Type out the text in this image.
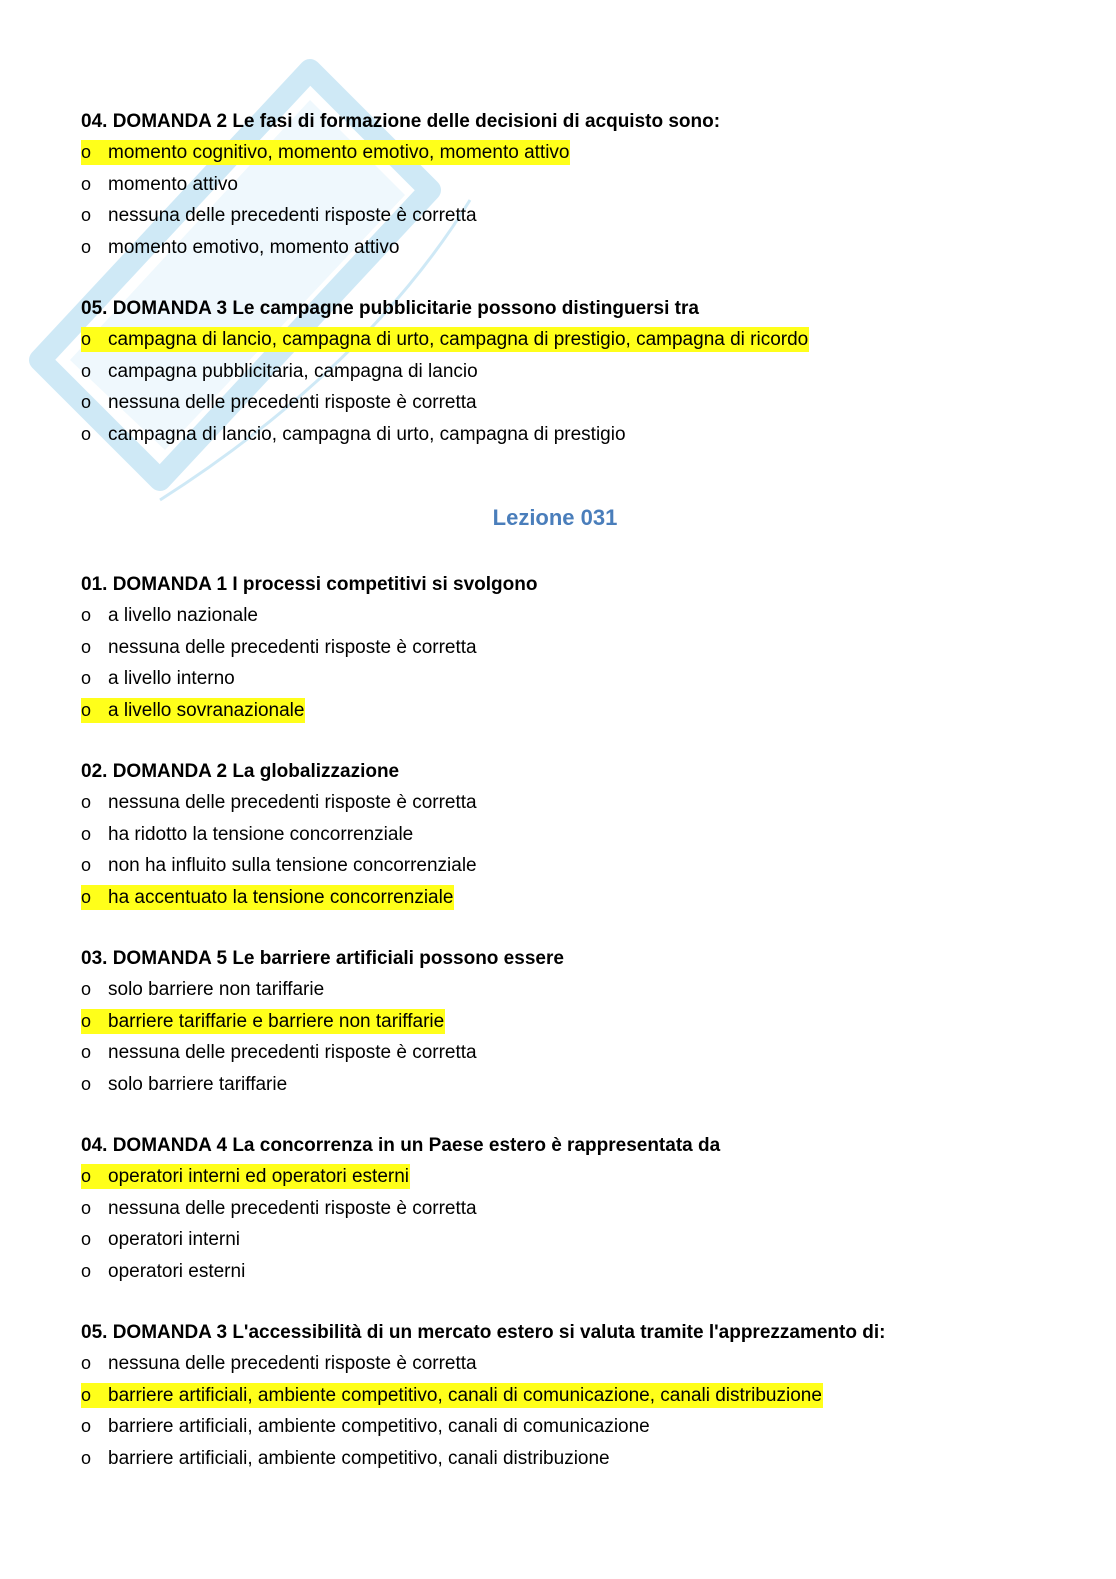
04. DOMANDA 2 Le fasi di formazione delle decisioni di acquisto sono:
o momento cognitivo, momento emotivo, momento attivo
o momento attivo
o nessuna delle precedenti risposte è corretta
o momento emotivo, momento attivo
05. DOMANDA 3 Le campagne pubblicitarie possono distinguersi tra
o campagna di lancio, campagna di urto, campagna di prestigio, campagna di ricordo
o campagna pubblicitaria, campagna di lancio
o nessuna delle precedenti risposte è corretta
o campagna di lancio, campagna di urto, campagna di prestigio
Lezione 031
01. DOMANDA 1 I processi competitivi si svolgono
o a livello nazionale
o nessuna delle precedenti risposte è corretta
o a livello interno
o a livello sovranazionale
02. DOMANDA 2 La globalizzazione
o nessuna delle precedenti risposte è corretta
o ha ridotto la tensione concorrenziale
o non ha influito sulla tensione concorrenziale
o ha accentuato la tensione concorrenziale
03. DOMANDA 5 Le barriere artificiali possono essere
o solo barriere non tariffarie
o barriere tariffarie e barriere non tariffarie
o nessuna delle precedenti risposte è corretta
o solo barriere tariffarie
04. DOMANDA 4 La concorrenza in un Paese estero è rappresentata da
o operatori interni ed operatori esterni
o nessuna delle precedenti risposte è corretta
o operatori interni
o operatori esterni
05. DOMANDA 3 L'accessibilità di un mercato estero si valuta tramite l'apprezzamento di:
o nessuna delle precedenti risposte è corretta
o barriere artificiali, ambiente competitivo, canali di comunicazione, canali distribuzione
o barriere artificiali, ambiente competitivo, canali di comunicazione
o barriere artificiali, ambiente competitivo, canali distribuzione
